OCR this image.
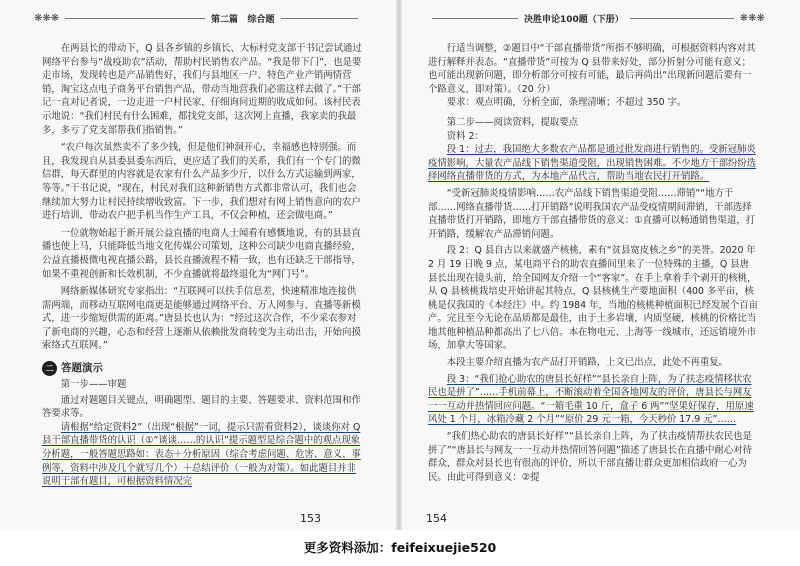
❋❋❋	第二篇 综合题

在两县长的带动下，Q 县各乡镇的乡镇长、大标村党支部干书记尝试通过网络平台参与“战疫助农”活动，帮助村民销售农产品。“我是带下门”，也是要走市场，发现转也是产品销售好，我们与县地区一户、特色产业产销两情营销，淘宝这点电子商务平台销售产品，带动当地营我们必需这样去做了。”干部记一直对记者说，一边走进一户村民家，仔细询问近期的收成如何。该村民表示地说：“我们村民有什么困难，都找党支部，这次网上直播，我家卖的我最多，多亏了党支部帮我们指销售。”

“农户每次虽然卖不了多少钱，但是他们神洞开心，幸福感也特别强。而且，我发现自从县委县委东西后，更应适了我们的关系，我们有一个专门的微信群，每天群里的内容就是农家有什么产品多少斤，以什么方式运输到两家，等等。”干书记说，“现在，村民对我们这种新销售方式都非常认可，我们也会继续加大努力让村民持续增收致富。下一步，我们想对有网上销售意向的农户进行培训，带动农户把手机当作生产工具，不仅会种植，还会做电商。”

一位就物始起于新开展公益直播的电商人士闻看有感慨地说，有的县县直播也使上马，只能降低当地文化传媒公司策划，这种公司缺少电商直播经验，公益直播极微电视直播公路，县长直播流程不精一致，也有还缺乏干部指导，如果不重视创新和长效机制，不少直播就将最终退化为“网门号”。

网络新媒体研究专家指出：“互联网可以扶手信息差，快速精准地连接供需两端，而移动互联网电商更是能够通过网络平台、万人网参与、直播等新模式，进一步缩短供需的距离。”唐县长也认为：“经过这次合作，不少采农参对了新电商的兴趣，心态和经营上逐渐从依赖批发商转变为主动出击，开始向摸索络式互联网。”

二 答题演示

第一步——审题

通过对题题目关键点，明确题型、题目的主要、答题要求、资料范围和作答要求等。

请根据“给定资料2”（出现“根据”一词，提示只需看资料2），谈谈你对 Q 县干部直播带货的认识（①“谈谈……的认识”提示题型是综合题中的观点现象分析题，一般答题思路如：表态＋分析原因（综合考虑问题、危害、意义、事例等，资料中涉及几个就写几个）＋总结评价（一般为对策）。如此题目并非说明干部有题目，可根据资料情况完

153
决胜申论100题（下册）	❋❋❋

行适当调整，②题目中“干部直播带货”所指不够明确，可根据资料内容对其进行解释并表态。“直播带货”可按为 Q 县带来好处，部分折射分可能有意义；也可能出现新问题，即分析部分可按有可能，最后再尚出“出现新问题后要有一个路意义，即对策）。（20 分）

要求：观点明确，分析全面，条理清晰；不超过 350 字。

第二步——阅读资料，提取要点

资料 2：

段 1：过去，我国绝大多数农产品都是通过批发商进行销售的。受新冠肺炎疫情影响，大量农产品线下销售渠道受阻，出现销售困难。不少地方干部纷纷选择网络直播带货的方式，为本地产品代言，帮助当地农民打开销路。

“受新冠肺炎疫情影响……农产品线下销售渠道受阻……滞销”“地方干部……网络直播带货……打开销路”说明我国农产品受疫情期间滞销，干部选择直播带货打开销路，即地方干部直播带货的意义：①直播可以畅通销售渠道，打开销路，缓解农产品滞销问题。

段 2：Q 县自古以来就盛产核桃，素有“贫县宽皮核之乡”的美誉。2020 年 2 月 19 日晚 9 点，某电商平台的助农直播间里来了一位特殊的主播，Q 县唐县长出现在镜头前，给全国网友介绍一个“客家”。在手上拿着手个剥开的核桃，从 Q 县核桃栽培史开始讲起其特点，Q 县核桃生产要地面积（400 多平亩，核桃是仅我国的《本经注》中。约 1984 年，当地的核桃种植面积已经发展个百亩产。完且至今无论在品质都是最佳，由于土多岩壤，内质坚硬，核桃的价格比当地其他种植品种都高出了七八倍。本在物电元、上海等一线城市，还远销境外市场，加拿大等国家。

本段主要介绍直播为农产品打开销路，上文已出点，此处不再重复。

段 3：“我们抢心助农的唐县长好样”“县长亲自上阵，为了扶志疫情移状农民也是拼了”……手机前幕上，不断滚动着全国各地网友的评价，唐县长与网友一一互动并热情回应问题。“一箱毛重 10 斤，盒子 6 两”“坚果好保存，用原速风处 1 个月，冰箱冷藏 2 个月”“原价 29 元一箱，今天秒价 17.9 元”……

“我们热心助农的唐县长好样”“县长亲自上阵，为了扶击疫情帮扶农民也是拼了”“唐县长与网友一一互动并热情回答问题”描述了唐县长在直播中耐心对待群众，群众对县长也有很高的评价，所以干部直播让群众更加相信政府一心为民。由此可得到意义：②提

154
更多资料添加：feifeixuejie520
